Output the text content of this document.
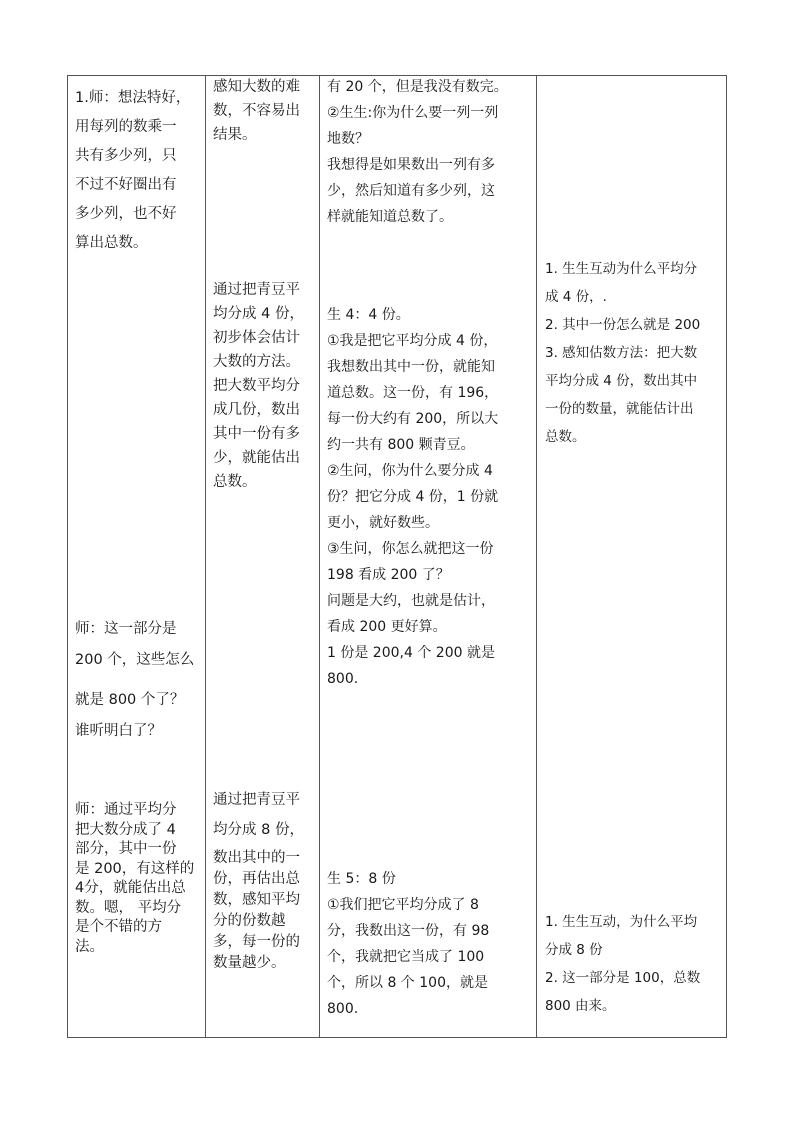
1.师：想法特好，
用每列的数乘一
共有多少列，只
不过不好圈出有
多少列，也不好
算出总数。
师：这一部分是
200 个，这些怎么
就是 800 个了？
谁听明白了？
师：通过平均分
把大数分成了 4
部分，其中一份
是 200，有这样的
4分，就能估出总
数。嗯， 平均分
是个不错的方
法。
感知大数的难
数，不容易出
结果。
通过把青豆平
均分成 4 份，
初步体会估计
大数的方法。
把大数平均分
成几份，数出
其中一份有多
少，就能估出
总数。
通过把青豆平
均分成 8 份，
数出其中的一
份，再估出总
数，感知平均
分的份数越
多，每一份的
数量越少。
有 20 个，但是我没有数完。
②生生:你为什么要一列一列
地数？
我想得是如果数出一列有多
少，然后知道有多少列，这
样就能知道总数了。
生 4：4 份。
①我是把它平均分成 4 份，
我想数出其中一份，就能知
道总数。这一份，有 196，
每一份大约有 200，所以大
约一共有 800 颗青豆。
②生问，你为什么要分成 4
份？把它分成 4 份，1 份就
更小，就好数些。
③生问，你怎么就把这一份
198 看成 200 了？
问题是大约，也就是估计，
看成 200 更好算。
1 份是 200,4 个 200 就是
800.
生 5：8 份
①我们把它平均分成了 8
分，我数出这一份，有 98
个，我就把它当成了 100
个，所以 8 个 100，就是
800.
1. 生生互动为什么平均分
成 4 份，.
2. 其中一份怎么就是 200
3. 感知估数方法：把大数
平均分成 4 份，数出其中
一份的数量，就能估计出
总数。
1. 生生互动，为什么平均
分成 8 份
2. 这一部分是 100，总数
800 由来。
